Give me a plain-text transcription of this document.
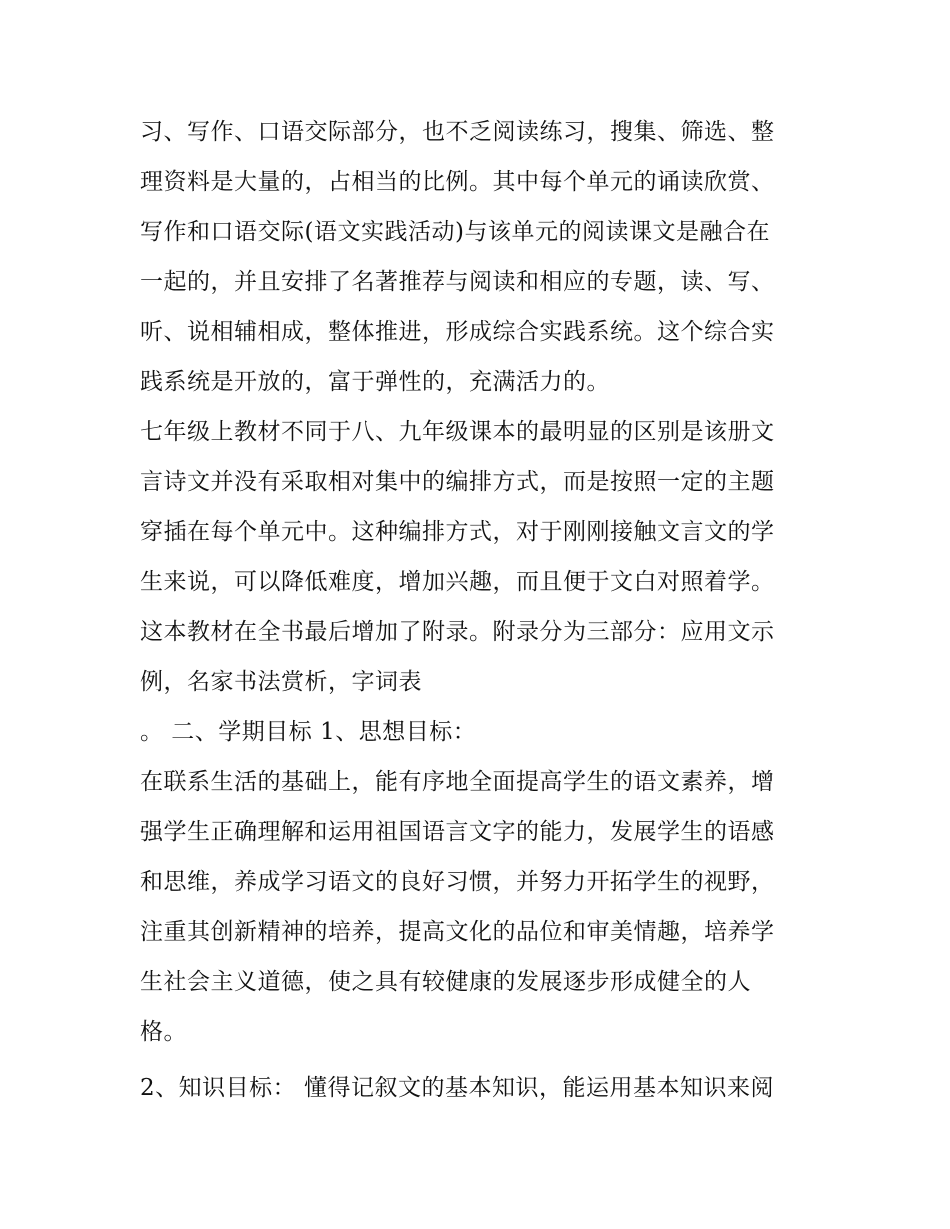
习、写作、口语交际部分，也不乏阅读练习，搜集、筛选、整
理资料是大量的，占相当的比例。其中每个单元的诵读欣赏、
写作和口语交际(语文实践活动)与该单元的阅读课文是融合在
一起的，并且安排了名著推荐与阅读和相应的专题，读、写、
听、说相辅相成，整体推进，形成综合实践系统。这个综合实
践系统是开放的，富于弹性的，充满活力的。
七年级上教材不同于八、九年级课本的最明显的区别是该册文
言诗文并没有采取相对集中的编排方式，而是按照一定的主题
穿插在每个单元中。这种编排方式，对于刚刚接触文言文的学
生来说，可以降低难度，增加兴趣，而且便于文白对照着学。
这本教材在全书最后增加了附录。附录分为三部分：应用文示
例，名家书法赏析，字词表
。 二、学期目标 1、思想目标：
在联系生活的基础上，能有序地全面提高学生的语文素养，增
强学生正确理解和运用祖国语言文字的能力，发展学生的语感
和思维，养成学习语文的良好习惯，并努力开拓学生的视野，
注重其创新精神的培养，提高文化的品位和审美情趣，培养学
生社会主义道德，使之具有较健康的发展逐步形成健全的人
格。
2、知识目标： 懂得记叙文的基本知识，能运用基本知识来阅
